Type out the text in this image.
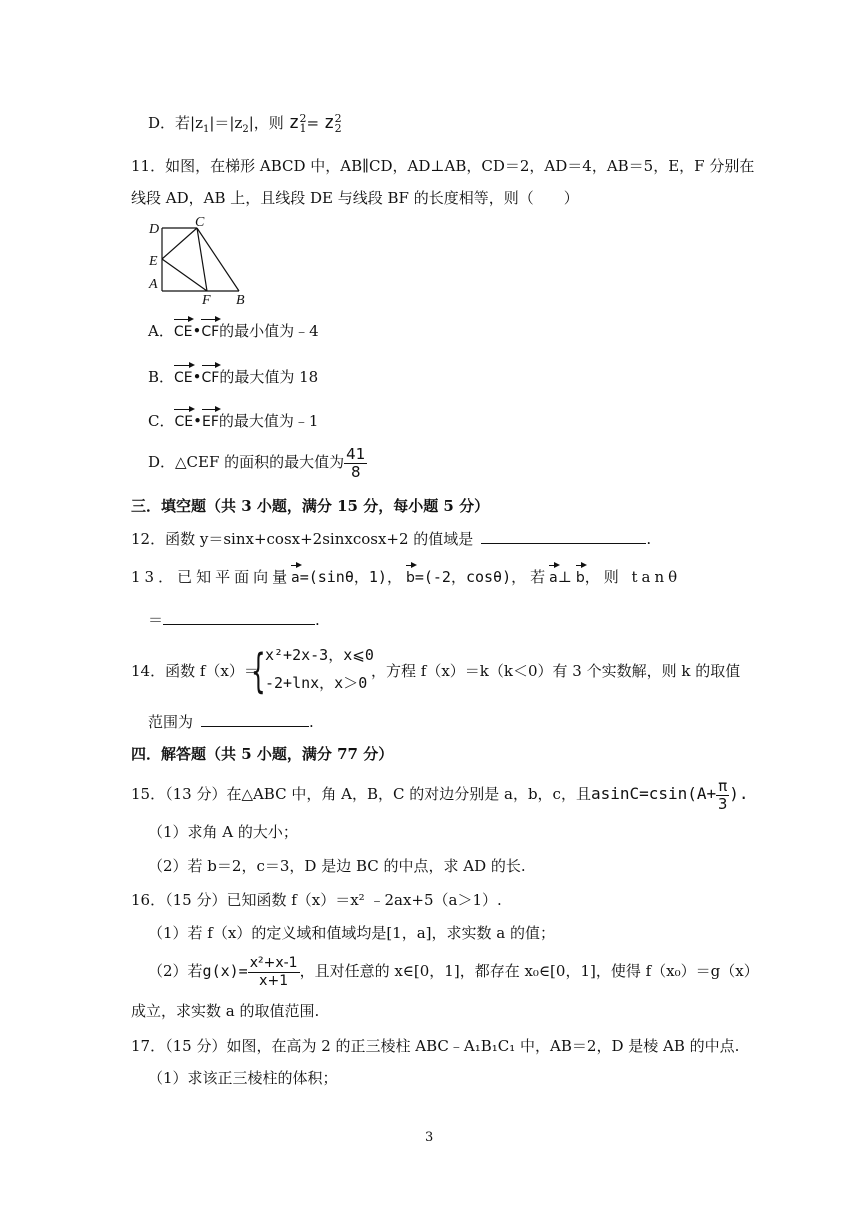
D．若$|z_1|=|z_2|$，则 z 2
1 = z 2
2
11．如图，在梯形 ABCD 中，AB∥CD，AD⊥AB，CD＝2，AD＝4，AB＝5，E，F 分别在
线段 AD，AB 上，且线段 DE 与线段 BF 的长度相等，则（　　）
D	C
E
A
F B
A．CE•CF的最小值为﹣4
B．CE•CF的最大值为 18
C．CE•EF的最大值为﹣1
D．△CEF 的面积的最大值为 $\frac{41}{8}$
三．填空题（共 3 小题，满分 15 分，每小题 5 分）
12．函数 y＝sinx+cosx+2sinxcosx+2 的值域是	.
13．已知平面向量a=(sinθ，1)，b=(-2，cosθ)，若a⊥b，则 tanθ
＝	.
14．函数 f（x）＝
{ x²+2x-3，x⩽0
-2+lnx，x＞0
，方程 f（x）＝k（k＜0）有 3 个实数解，则 k 的取值
范围为	.
四．解答题（共 5 小题，满分 77 分）
15．（13 分）在△ABC 中，角 A，B，C 的对边分别是 a，b，c，且$asinC=csin(A+ \frac{\pi}{3}$ ).
（1）求角 A 的大小；
（2）若 b＝2，c＝3，D 是边 BC 的中点，求 AD 的长.
16．（15 分）已知函数 f（x）＝x² ﹣2ax+5（a＞1）.
（1）若 f（x）的定义域和值域均是[1，a]，求实数 a 的值；
（2）若$g(x)= \frac{\text{x²+x-1}}{x+1}$ ，且对任意的 x∈[0，1]，都存在 x₀∈[0，1]，使得 f（x₀）＝g（x）
成立，求实数 a 的取值范围.
17．（15 分）如图，在高为 2 的正三棱柱 ABC﹣A₁B₁C₁ 中，AB＝2，D 是棱 AB 的中点.
（1）求该正三棱柱的体积；
3
